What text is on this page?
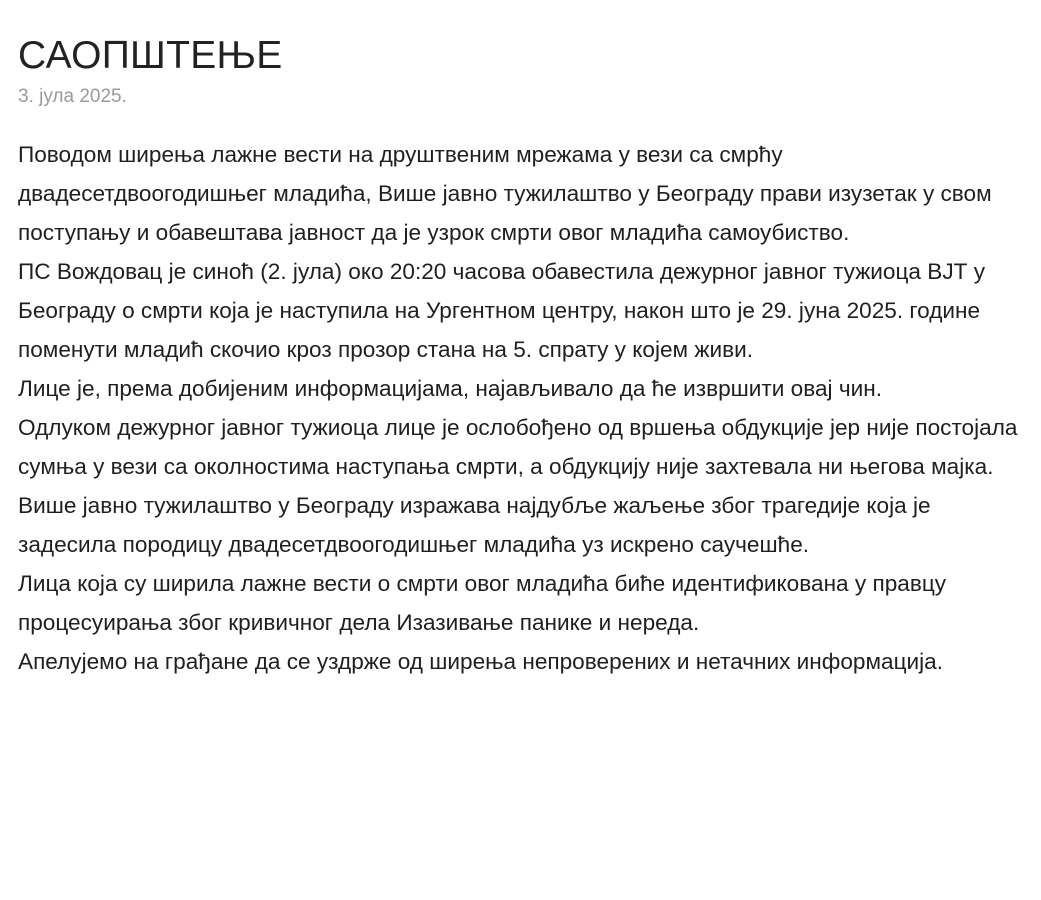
САОПШТЕЊЕ
3. јула 2025.

Поводом ширења лажне вести на друштвеним мрежама у вези са смрћу двадесетдвоогодишњег младића, Више јавно тужилаштво у Београду прави изузетак у свом поступању и обавештава јавност да је узрок смрти овог младића самоубиство.

ПС Вождовац је синоћ (2. јула) око 20:20 часова обавестила дежурног јавног тужиоца ВЈТ у Београду о смрти која је наступила на Ургентном центру, након што је 29. јуна 2025. године поменути младић скочио кроз прозор стана на 5. спрату у којем живи.

Лице је, према добијеним информацијама, најављивало да ће извршити овај чин.

Одлуком дежурног јавног тужиоца лице је ослобођено од вршења обдукције јер није постојала сумња у вези са околностима наступања смрти, а обдукцију није захтевала ни његова мајка.

Више јавно тужилаштво у Београду изражава најдубље жаљење због трагедије која је задесила породицу двадесетдвоогодишњег младића уз искрено саучешће.

Лица која су ширила лажне вести о смрти овог младића биће идентификована у правцу процесуирања због кривичног дела Изазивање панике и нереда.

Апелујемо на грађане да се уздрже од ширења непроверених и нетачних информација.
